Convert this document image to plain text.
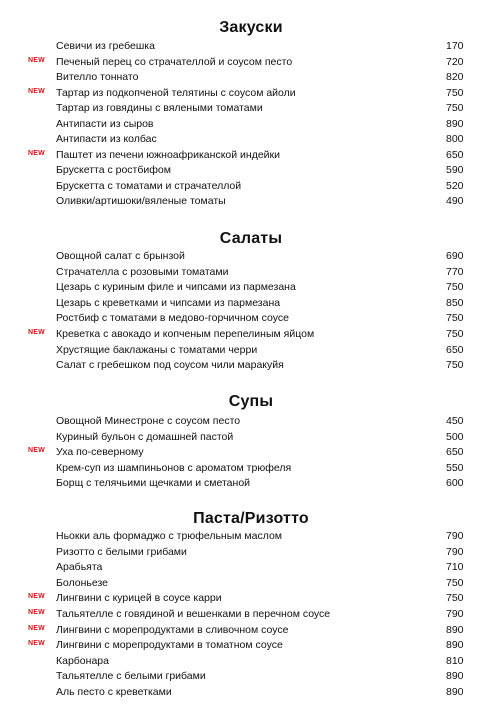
Закуски
Севичи из гребешка	170
NEW Печеный перец со страчателлой и соусом песто	720
Вителло тоннато	820
NEW Тартар из подкопченой телятины с соусом айоли	750
Тартар из говядины с вялеными томатами	750
Антипасти из сыров	890
Антипасти из колбас	800
NEW Паштет из печени южноафриканской индейки	650
Брускетта с ростбифом	590
Брускетта с томатами и страчателлой	520
Оливки/артишоки/вяленые томаты	490
Салаты
Овощной салат с брынзой	690
Страчателла с розовыми томатами	770
Цезарь с куриным филе и чипсами из пармезана	750
Цезарь с креветками и чипсами из пармезана	850
Ростбиф с томатами в медово-горчичном соусе	750
NEW Креветка с авокадо и копченым перепелиным яйцом	750
Хрустящие баклажаны с томатами черри	650
Салат с гребешком под соусом чили маракуйя	750
Супы
Овощной Минестроне с соусом песто	450
Куриный бульон с домашней пастой	500
NEW Уха по-северному	650
Крем-суп из шампиньонов с ароматом трюфеля	550
Борщ с телячьими щечками и сметаной	600
Паста/Ризотто
Ньокки аль формаджо с трюфельным маслом	790
Ризотто с белыми грибами	790
Арабьята	710
Болоньезе	750
NEW Лингвини с курицей в соусе карри	750
NEW Тальятелле с говядиной и вешенками в перечном соусе	790
NEW Лингвини с морепродуктами в сливочном соусе	890
NEW Лингвини с морепродуктами в томатном соусе	890
Карбонара	810
Тальятелле с белыми грибами	890
Аль песто с креветками	890
